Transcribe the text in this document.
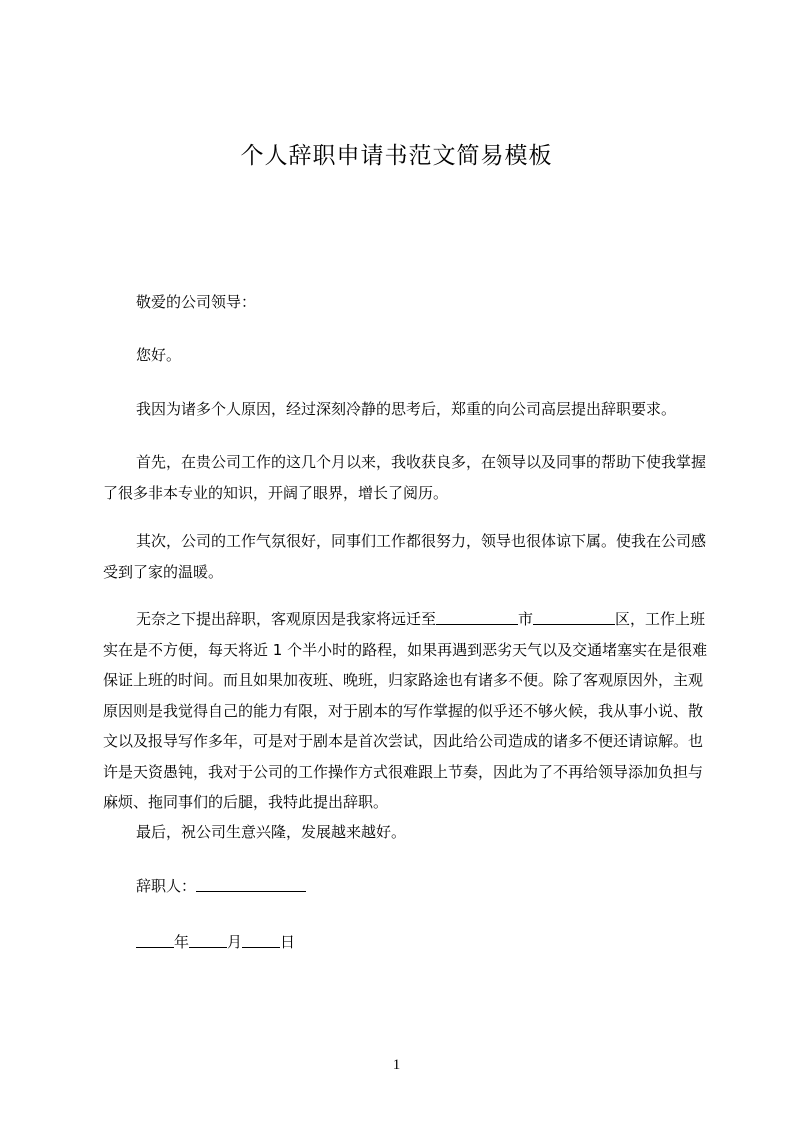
个人辞职申请书范文简易模板

敬爱的公司领导：

您好。

我因为诸多个人原因，经过深刻冷静的思考后，郑重的向公司高层提出辞职要求。

首先，在贵公司工作的这几个月以来，我收获良多，在领导以及同事的帮助下使我掌握了很多非本专业的知识，开阔了眼界，增长了阅历。

其次，公司的工作气氛很好，同事们工作都很努力，领导也很体谅下属。使我在公司感受到了家的温暖。

无奈之下提出辞职，客观原因是我家将远迁至	市	区，工作上班实在是不方便，每天将近 1 个半小时的路程，如果再遇到恶劣天气以及交通堵塞实在是很难保证上班的时间。而且如果加夜班、晚班，归家路途也有诸多不便。除了客观原因外，主观原因则是我觉得自己的能力有限，对于剧本的写作掌握的似乎还不够火候，我从事小说、散文以及报导写作多年，可是对于剧本是首次尝试，因此给公司造成的诸多不便还请谅解。也许是天资愚钝，我对于公司的工作操作方式很难跟上节奏，因此为了不再给领导添加负担与麻烦、拖同事们的后腿，我特此提出辞职。

最后，祝公司生意兴隆，发展越来越好。

辞职人：

年	月	日

1
